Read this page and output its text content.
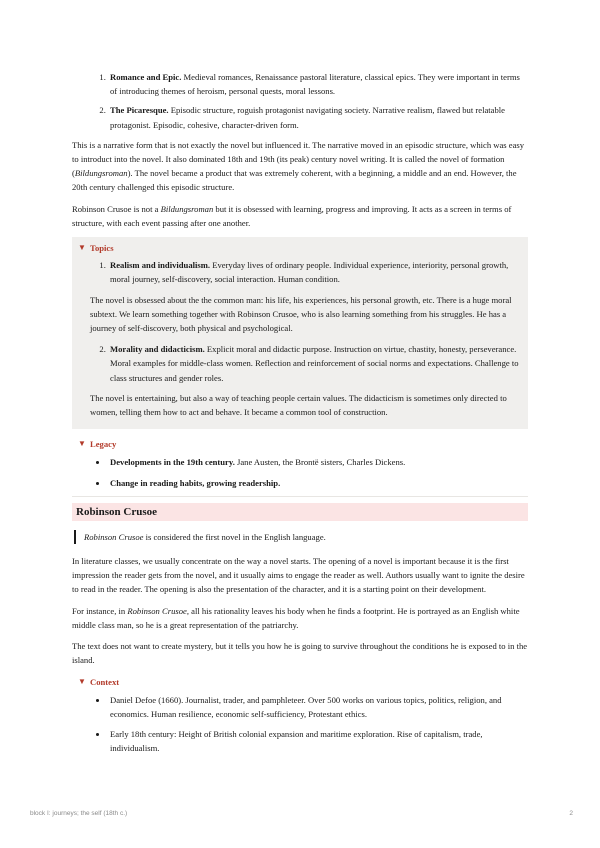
1. Romance and Epic. Medieval romances, Renaissance pastoral literature, classical epics. They were important in terms of introducing themes of heroism, personal quests, moral lessons.
2. The Picaresque. Episodic structure, roguish protagonist navigating society. Narrative realism, flawed but relatable protagonist. Episodic, cohesive, character-driven form.

This is a narrative form that is not exactly the novel but influenced it. The narrative moved in an episodic structure, which was easy to introduct into the novel. It also dominated 18th and 19th (its peak) century novel writing. It is called the novel of formation (Bildungsroman). The novel became a product that was extremely coherent, with a beginning, a middle and an end. However, the 20th century challenged this episodic structure.

Robinson Crusoe is not a Bildungsroman but it is obsessed with learning, progress and improving. It acts as a screen in terms of structure, with each event passing after one another.

▼ Topics
1. Realism and individualism. Everyday lives of ordinary people. Individual experience, interiority, personal growth, moral journey, self-discovery, social interaction. Human condition.

The novel is obsessed about the the common man: his life, his experiences, his personal growth, etc. There is a huge moral subtext. We learn something together with Robinson Crusoe, who is also learning something from his struggles. He has a journey of self-discovery, both physical and psychological.

2. Morality and didacticism. Explicit moral and didactic purpose. Instruction on virtue, chastity, honesty, perseverance. Moral examples for middle-class women. Reflection and reinforcement of social norms and expectations. Challenge to class structures and gender roles.

The novel is entertaining, but also a way of teaching people certain values. The didacticism is sometimes only directed to women, telling them how to act and behave. It became a common tool of construction.

▼ Legacy
• Developments in the 19th century. Jane Austen, the Brontë sisters, Charles Dickens.
• Change in reading habits, growing readership.
Robinson Crusoe
Robinson Crusoe is considered the first novel in the English language.

In literature classes, we usually concentrate on the way a novel starts. The opening of a novel is important because it is the first impression the reader gets from the novel, and it usually aims to engage the reader as well. Authors usually want to ignite the desire to read in the reader. The opening is also the presentation of the character, and it is a starting point on their development.

For instance, in Robinson Crusoe, all his rationality leaves his body when he finds a footprint. He is portrayed as an English white middle class man, so he is a great representation of the patriarchy.

The text does not want to create mystery, but it tells you how he is going to survive throughout the conditions he is exposed to in the island.

▼ Context
• Daniel Defoe (1660). Journalist, trader, and pamphleteer. Over 500 works on various topics, politics, religion, and economics. Human resilience, economic self-sufficiency, Protestant ethics.
• Early 18th century: Height of British colonial expansion and maritime exploration. Rise of capitalism, trade, individualism.
block I: journeys; the self (18th c.)	2
